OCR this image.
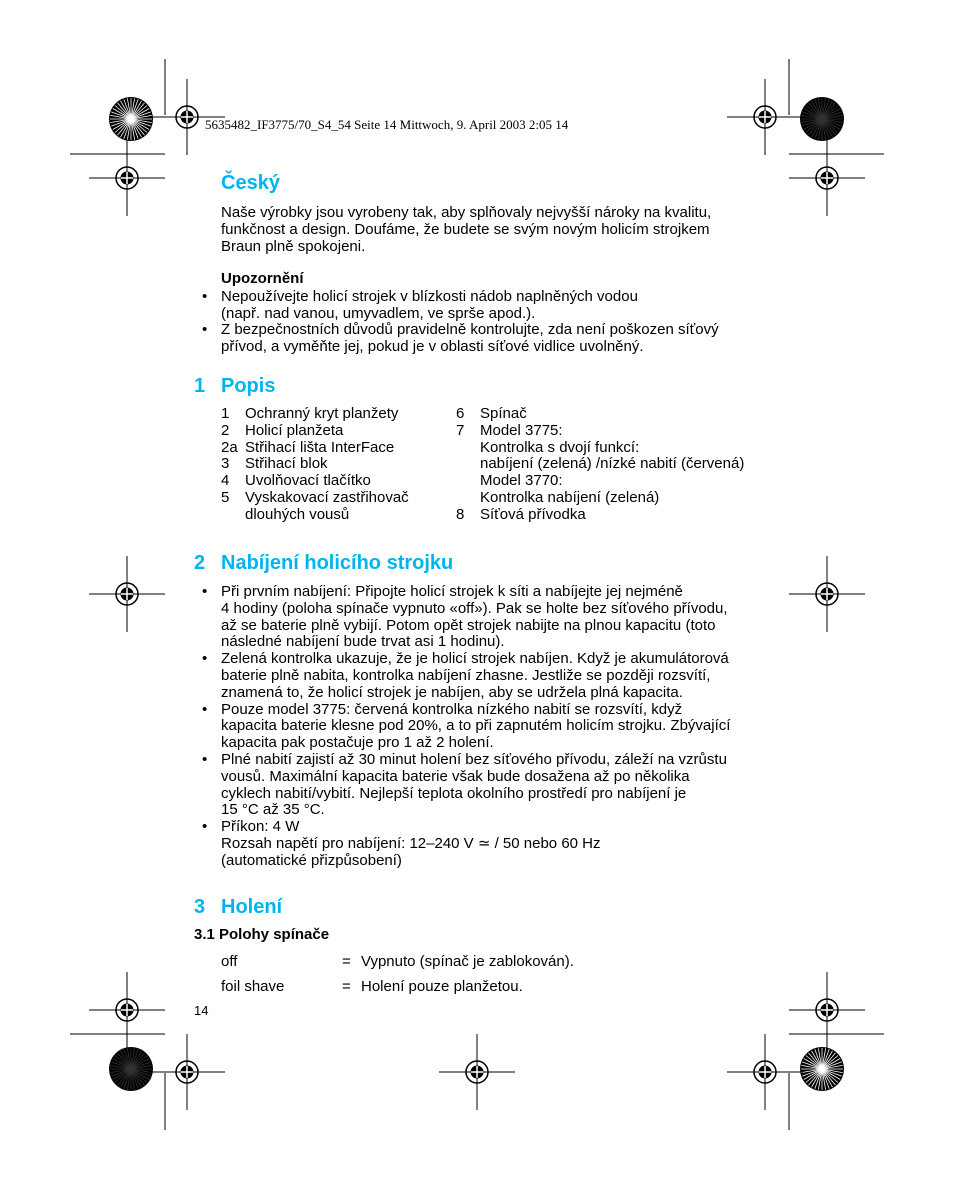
5635482_IF3775/70_S4_54 Seite 14 Mittwoch, 9. April 2003 2:05 14
Český
Naše výrobky jsou vyrobeny tak, aby splňovaly nejvyšší nároky na kvalitu,
funkčnost a design. Doufáme, že budete se svým novým holicím strojkem
Braun plně spokojeni.
Upozornění
• Nepoužívejte holicí strojek v blízkosti nádob naplněných vodou
(např. nad vanou, umyvadlem, ve sprše apod.).
• Z bezpečnostních důvodů pravidelně kontrolujte, zda není poškozen síťový
přívod, a vyměňte jej, pokud je v oblasti síťové vidlice uvolněný.
1 Popis
1 Ochranný kryt planžety
2 Holicí planžeta
2a Střihací lišta InterFace
3 Střihací blok
4 Uvolňovací tlačítko
5 Vyskakovací zastřihovač
dlouhých vousů
6 Spínač
7 Model 3775:
Kontrolka s dvojí funkcí:
nabíjení (zelená) /nízké nabití (červená)
Model 3770:
Kontrolka nabíjení (zelená)
8 Síťová přívodka
2 Nabíjení holicího strojku
• Při prvním nabíjení: Připojte holicí strojek k síti a nabíjejte jej nejméně
4 hodiny (poloha spínače vypnuto «off»). Pak se holte bez síťového přívodu,
až se baterie plně vybijí. Potom opět strojek nabijte na plnou kapacitu (toto
následné nabíjení bude trvat asi 1 hodinu).
• Zelená kontrolka ukazuje, že je holicí strojek nabíjen. Když je akumulátorová
baterie plně nabita, kontrolka nabíjení zhasne. Jestliže se později rozsvítí,
znamená to, že holicí strojek je nabíjen, aby se udržela plná kapacita.
• Pouze model 3775: červená kontrolka nízkého nabití se rozsvítí, když
kapacita baterie klesne pod 20%, a to při zapnutém holicím strojku. Zbývající
kapacita pak postačuje pro 1 až 2 holení.
• Plné nabití zajistí až 30 minut holení bez síťového přívodu, záleží na vzrůstu
vousů. Maximální kapacita baterie však bude dosažena až po několika
cyklech nabití/vybití. Nejlepší teplota okolního prostředí pro nabíjení je
15 °C až 35 °C.
• Příkon: 4 W
Rozsah napětí pro nabíjení: 12–240 V ≃ / 50 nebo 60 Hz
(automatické přizpůsobení)
3 Holení
3.1 Polohy spínače
off	= Vypnuto (spínač je zablokován).
foil shave	= Holení pouze planžetou.
14
